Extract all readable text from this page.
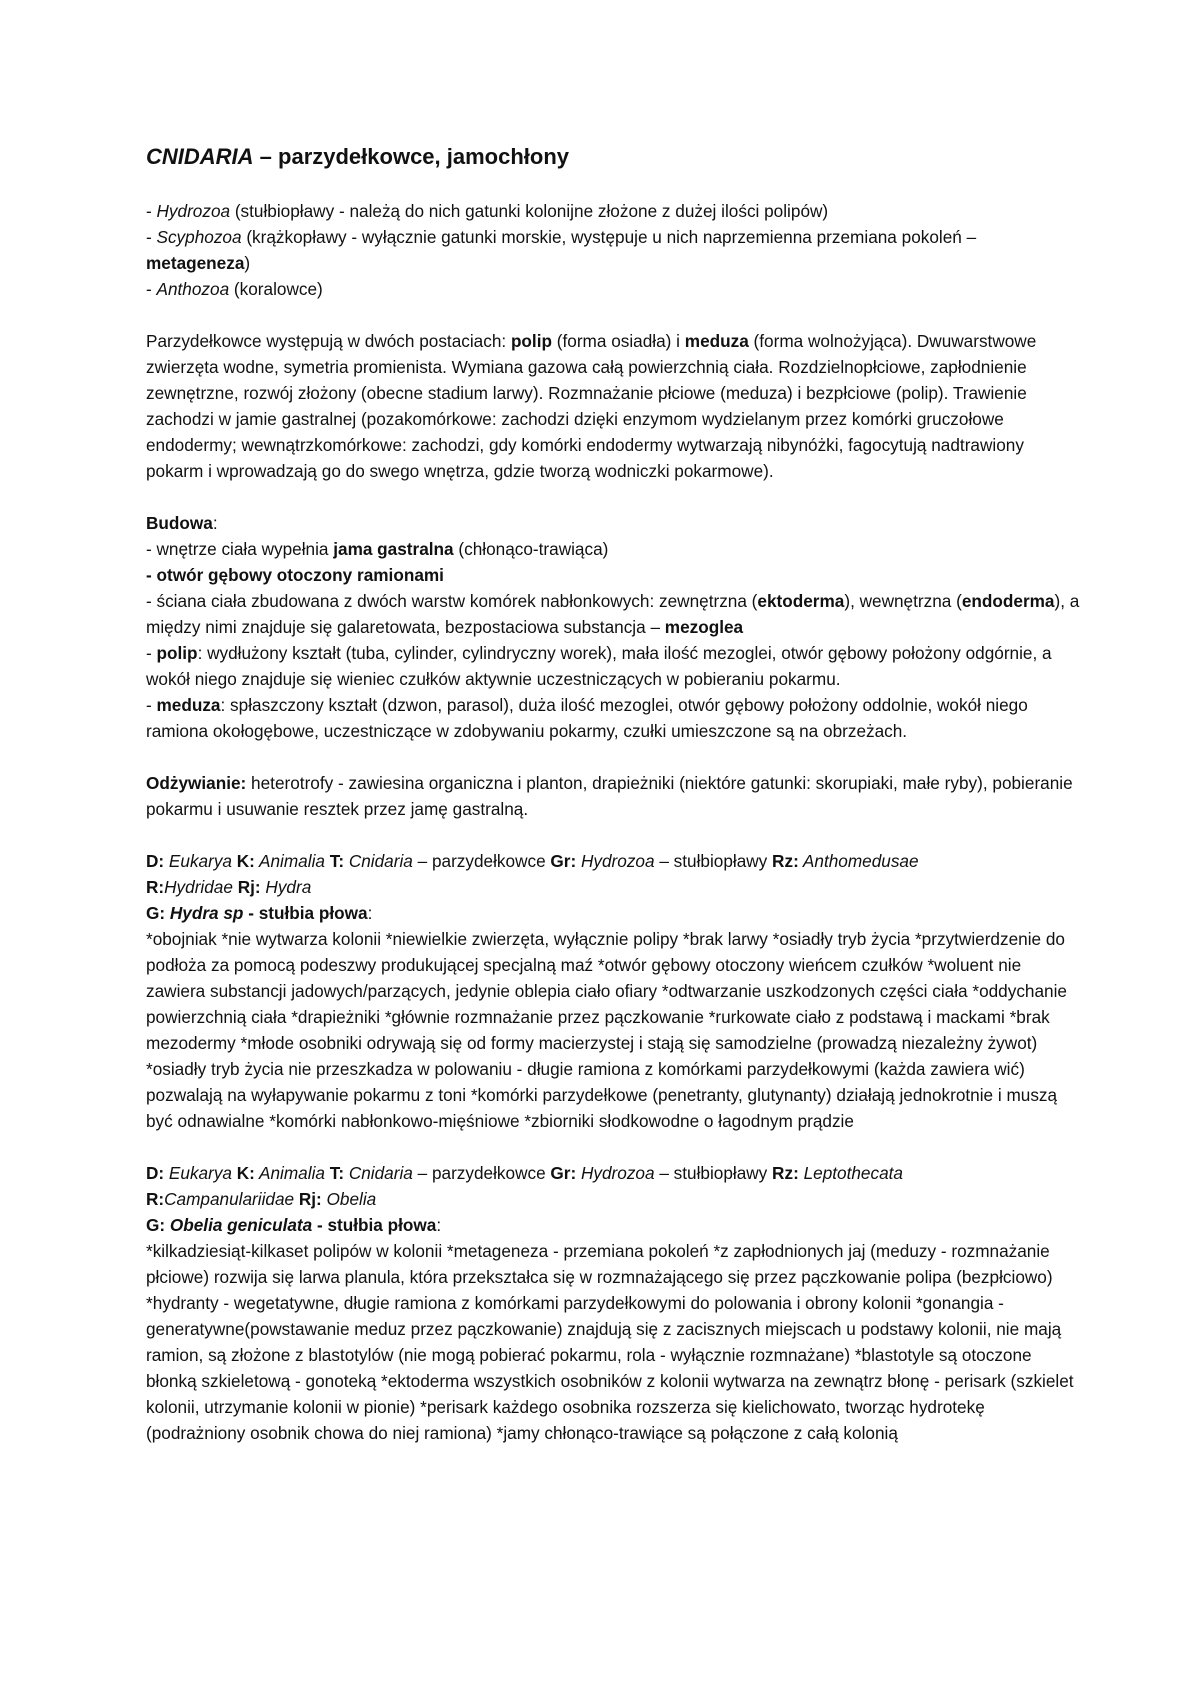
CNIDARIA – parzydełkowce, jamochłony

- Hydrozoa (stułbiopławy - należą do nich gatunki kolonijne złożone z dużej ilości polipów)
- Scyphozoa (krążkopławy - wyłącznie gatunki morskie, występuje u nich naprzemienna przemiana pokoleń – metageneza)
- Anthozoa (koralowce)

Parzydełkowce występują w dwóch postaciach: polip (forma osiadła) i meduza (forma wolnożyjąca). Dwuwarstwowe zwierzęta wodne, symetria promienista. Wymiana gazowa całą powierzchnią ciała. Rozdzielnopłciowe, zapłodnienie zewnętrzne, rozwój złożony (obecne stadium larwy). Rozmnażanie płciowe (meduza) i bezpłciowe (polip). Trawienie zachodzi w jamie gastralnej (pozakomórkowe: zachodzi dzięki enzymom wydzielanym przez komórki gruczołowe endodermy; wewnątrzkomórkowe: zachodzi, gdy komórki endodermy wytwarzają nibynóżki, fagocytują nadtrawiony pokarm i wprowadzają go do swego wnętrza, gdzie tworzą wodniczki pokarmowe).

Budowa:
- wnętrze ciała wypełnia jama gastralna (chłonąco-trawiąca)
- otwór gębowy otoczony ramionami
- ściana ciała zbudowana z dwóch warstw komórek nabłonkowych: zewnętrzna (ektoderma), wewnętrzna (endoderma), a między nimi znajduje się galaretowata, bezpostaciowa substancja – mezoglea
- polip: wydłużony kształt (tuba, cylinder, cylindryczny worek), mała ilość mezoglei, otwór gębowy położony odgórnie, a wokół niego znajduje się wieniec czułków aktywnie uczestniczących w pobieraniu pokarmu.
- meduza: spłaszczony kształt (dzwon, parasol), duża ilość mezoglei, otwór gębowy położony oddolnie, wokół niego ramiona okołogębowe, uczestniczące w zdobywaniu pokarmy, czułki umieszczone są na obrzeżach.

Odżywianie: heterotrofy - zawiesina organiczna i planton, drapieżniki (niektóre gatunki: skorupiaki, małe ryby), pobieranie pokarmu i usuwanie resztek przez jamę gastralną.

D: Eukarya K: Animalia T: Cnidaria – parzydełkowce Gr: Hydrozoa – stułbiopławy Rz: Anthomedusae
R:Hydridae Rj: Hydra
G: Hydra sp - stułbia płowa:
*obojniak *nie wytwarza kolonii *niewielkie zwierzęta, wyłącznie polipy *brak larwy *osiadły tryb życia *przytwierdzenie do podłoża za pomocą podeszwy produkującej specjalną maź *otwór gębowy otoczony wieńcem czułków *woluent nie zawiera substancji jadowych/parzących, jedynie oblepia ciało ofiary *odtwarzanie uszkodzonych części ciała *oddychanie powierzchnią ciała *drapieżniki *głównie rozmnażanie przez pączkowanie *rurkowate ciało z podstawą i mackami *brak mezodermy *młode osobniki odrywają się od formy macierzystej i stają się samodzielne (prowadzą niezależny żywot) *osiadły tryb życia nie przeszkadza w polowaniu - długie ramiona z komórkami parzydełkowymi (każda zawiera wić) pozwalają na wyłapywanie pokarmu z toni *komórki parzydełkowe (penetranty, glutynanty) działają jednokrotnie i muszą być odnawialne *komórki nabłonkowo-mięśniowe *zbiorniki słodkowodne o łagodnym prądzie

D: Eukarya K: Animalia T: Cnidaria – parzydełkowce Gr: Hydrozoa – stułbiopławy Rz: Leptothecata
R:Campanulariidae Rj: Obelia
G: Obelia geniculata - stułbia płowa:
*kilkadziesiąt-kilkaset polipów w kolonii *metageneza - przemiana pokoleń *z zapłodnionych jaj (meduzy - rozmnażanie płciowe) rozwija się larwa planula, która przekształca się w rozmnażającego się przez pączkowanie polipa (bezpłciowo) *hydranty - wegetatywne, długie ramiona z komórkami parzydełkowymi do polowania i obrony kolonii *gonangia - generatywne(powstawanie meduz przez pączkowanie) znajdują się z zacisznych miejscach u podstawy kolonii, nie mają ramion, są złożone z blastotylów (nie mogą pobierać pokarmu, rola - wyłącznie rozmnażane) *blastotyle są otoczone błonką szkieletową - gonoteką *ektoderma wszystkich osobników z kolonii wytwarza na zewnątrz błonę - perisark (szkielet kolonii, utrzymanie kolonii w pionie) *perisark każdego osobnika rozszerza się kielichowato, tworząc hydrotekę (podrażniony osobnik chowa do niej ramiona) *jamy chłonąco-trawiące są połączone z całą kolonią
